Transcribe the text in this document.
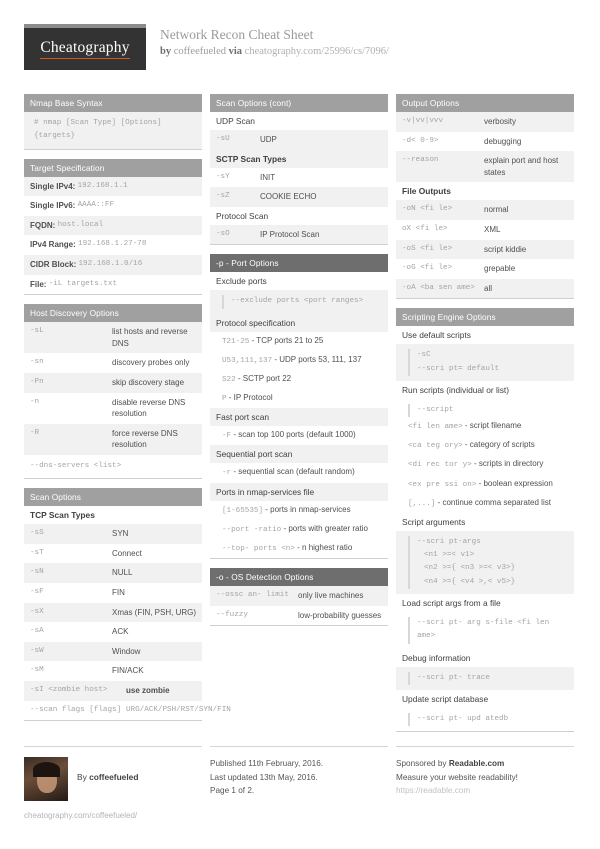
Cheatography
Network Recon Cheat Sheet
by coffeefueled via cheatography.com/25996/cs/7096/
Nmap Base Syntax
# nmap [Scan Type] [Options] {targets}
Target Specification
Single IPv4:
192.168.1.1
Single IPv6:
AAAA::FF
FQDN:
host.local
IPv4 Range:
192.168.1.27-78
CIDR Block:
192.168.1.0/16
File:
-iL targets.txt
Host Discovery Options
-sL	list hosts and reverse DNS
-sn	discovery probes only
-Pn	skip discovery stage
-n	disable reverse DNS resolution
-R	force reverse DNS resolution
--dns-servers <list>
Scan Options
TCP Scan Types
-sS	SYN
-sT	Connect
-sN	NULL
-sF	FIN
-sX	Xmas (FIN, PSH, URG)
-sA	ACK
-sW	Window
-sM	FIN/ACK
-sI <zombie host>	use zombie
--scan flags [flags] URG/ACK/PSH/RST/SYN/FIN
Scan Options (cont)
UDP Scan
-sU	UDP
SCTP Scan Types
-sY	INIT
-sZ	COOKIE ECHO
Protocol Scan
-sO	IP Protocol Scan
-p - Port Options
Exclude ports
--exclude ports <port ranges>
Protocol specification
T21-25 - TCP ports 21 to 25
U53,111,137 - UDP ports 53, 111, 137
S22 - SCTP port 22
P - IP Protocol
Fast port scan
-F - scan top 100 ports (default 1000)
Sequential port scan
-r - sequential scan (default random)
Ports in nmap-services file
[1-65535] - ports in nmap-services
--port -ratio - ports with greater ratio
--top- ports <n> - n highest ratio
-o - OS Detection Options
--ossc an- limit	only live machines
--fuzzy	low-probability guesses
Output Options
-v|vv|vvv	verbosity
-d< 0-9>	debugging
--reason	explain port and host states
File Outputs
-oN <fi le>	normal
oX <fi le>	XML
-oS <fi le>	script kiddie
-oG <fi le>	grepable
-oA <ba sen ame>	all
Scripting Engine Options
Use default scripts
-sC
--scri pt= default
Run scripts (individual or list)
--script
<fi len ame> - script filename
<ca teg ory> - category of scripts
<di rec tor y> - scripts in directory
<ex pre ssi on> - boolean expression
[,...] - continue comma separated list
Script arguments
--scri pt-args
<n1 >=< v1>
<n2 >={ <n3 >=< v3>}
<n4 >={ <v4 >,< v5>}
Load script args from a file
--scri pt- arg s-file <fi len ame>
Debug information
--scri pt- trace
Update script database
--scri pt- upd atedb
By coffeefueled
cheatography.com/coffeefueled/
Published 11th February, 2016.
Last updated 13th May, 2016.
Page 1 of 2.
Sponsored by Readable.com
Measure your website readability!
https://readable.com
